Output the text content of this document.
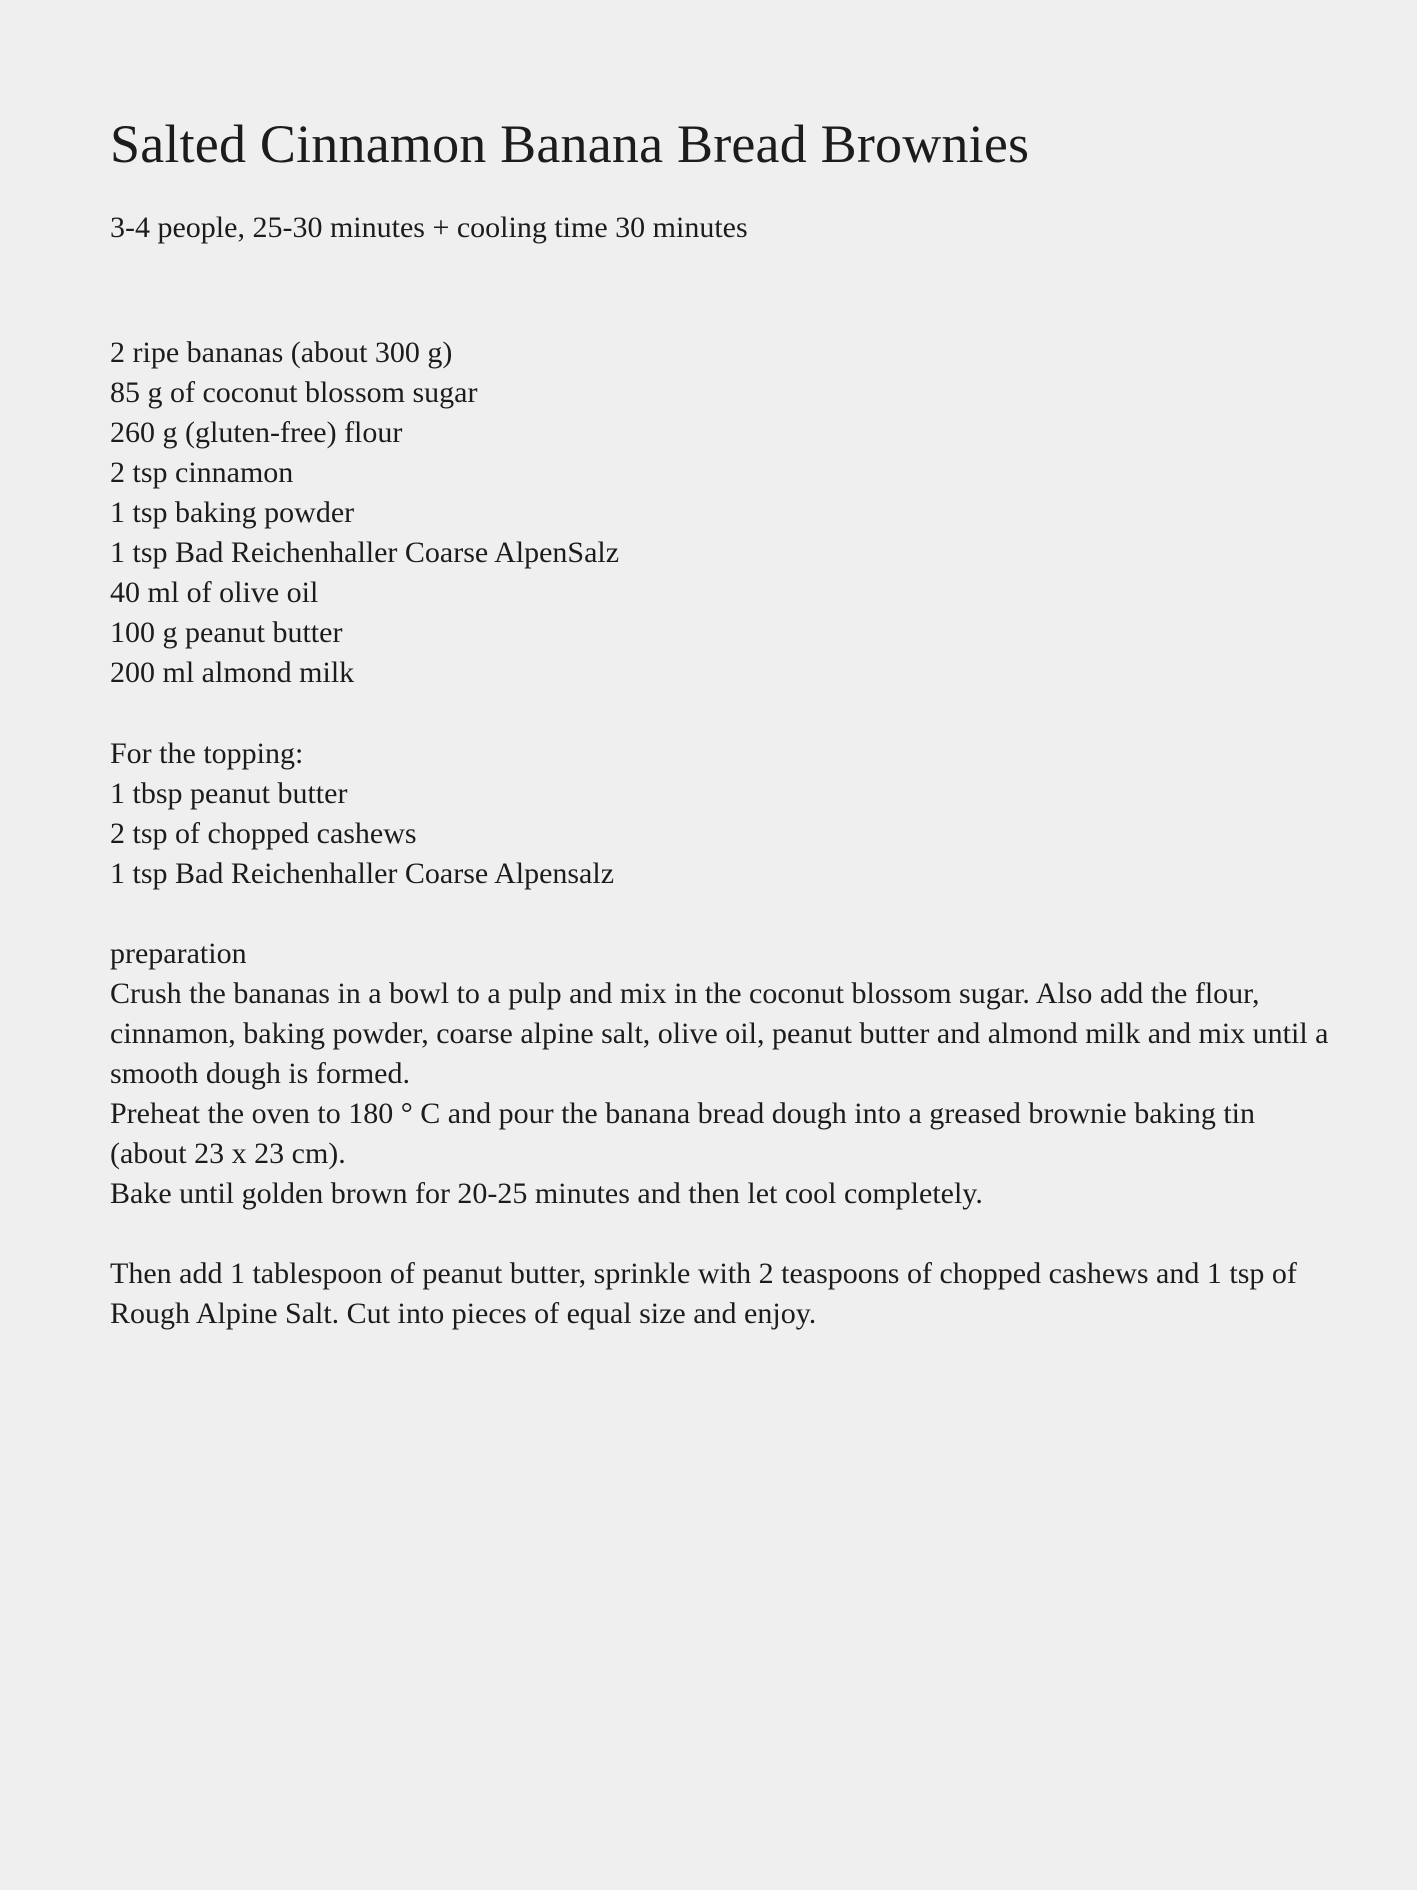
Salted Cinnamon Banana Bread Brownies

3-4 people, 25-30 minutes + cooling time 30 minutes

2 ripe bananas (about 300 g)
85 g of coconut blossom sugar
260 g (gluten-free) flour
2 tsp cinnamon
1 tsp baking powder
1 tsp Bad Reichenhaller Coarse AlpenSalz
40 ml of olive oil
100 g peanut butter
200 ml almond milk
For the topping:
1 tbsp peanut butter
2 tsp of chopped cashews
1 tsp Bad Reichenhaller Coarse Alpensalz
preparation

Crush the bananas in a bowl to a pulp and mix in the coconut blossom sugar. Also add the flour, cinnamon, baking powder, coarse alpine salt, olive oil, peanut butter and almond milk and mix until a smooth dough is formed.

Preheat the oven to 180 ° C and pour the banana bread dough into a greased brownie baking tin (about 23 x 23 cm).

Bake until golden brown for 20-25 minutes and then let cool completely.

Then add 1 tablespoon of peanut butter, sprinkle with 2 teaspoons of chopped cashews and 1 tsp of Rough Alpine Salt. Cut into pieces of equal size and enjoy.
